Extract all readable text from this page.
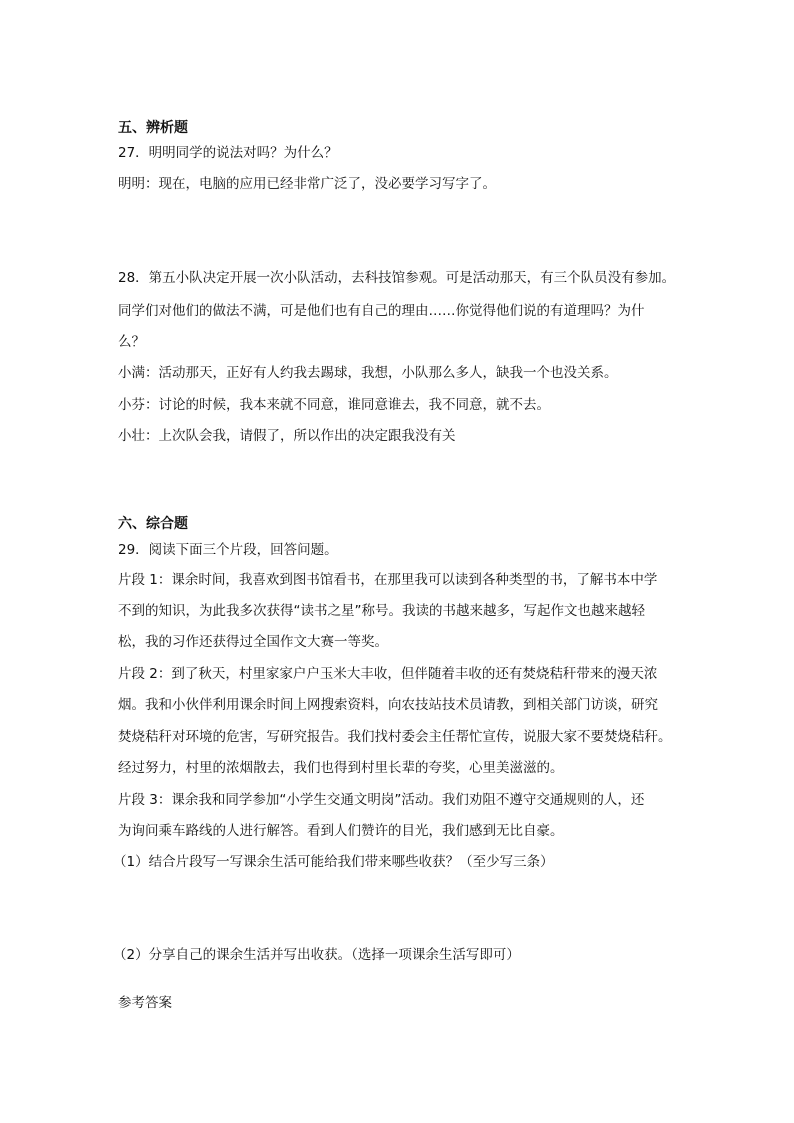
五、辨析题
27．明明同学的说法对吗？为什么？
明明：现在，电脑的应用已经非常广泛了，没必要学习写字了。
28．第五小队决定开展一次小队活动，去科技馆参观。可是活动那天，有三个队员没有参加。
同学们对他们的做法不满，可是他们也有自己的理由……你觉得他们说的有道理吗？为什
么？
小满：活动那天，正好有人约我去踢球，我想，小队那么多人，缺我一个也没关系。
小芬：讨论的时候，我本来就不同意，谁同意谁去，我不同意，就不去。
小壮：上次队会我，请假了，所以作出的决定跟我没有关
六、综合题
29．阅读下面三个片段，回答问题。
片段 1：课余时间，我喜欢到图书馆看书，在那里我可以读到各种类型的书，了解书本中学
不到的知识，为此我多次获得“读书之星”称号。我读的书越来越多，写起作文也越来越轻
松，我的习作还获得过全国作文大赛一等奖。
片段 2：到了秋天，村里家家户户玉米大丰收，但伴随着丰收的还有焚烧秸秆带来的漫天浓
烟。我和小伙伴利用课余时间上网搜索资料，向农技站技术员请教，到相关部门访谈，研究
焚烧秸秆对环境的危害，写研究报告。我们找村委会主任帮忙宣传，说服大家不要焚烧秸秆。
经过努力，村里的浓烟散去，我们也得到村里长辈的夸奖，心里美滋滋的。
片段 3：课余我和同学参加“小学生交通文明岗”活动。我们劝阻不遵守交通规则的人，还
为询问乘车路线的人进行解答。看到人们赞许的目光，我们感到无比自豪。
（1）结合片段写一写课余生活可能给我们带来哪些收获？（至少写三条）
（2）分享自己的课余生活并写出收获。（选择一项课余生活写即可）
参考答案
